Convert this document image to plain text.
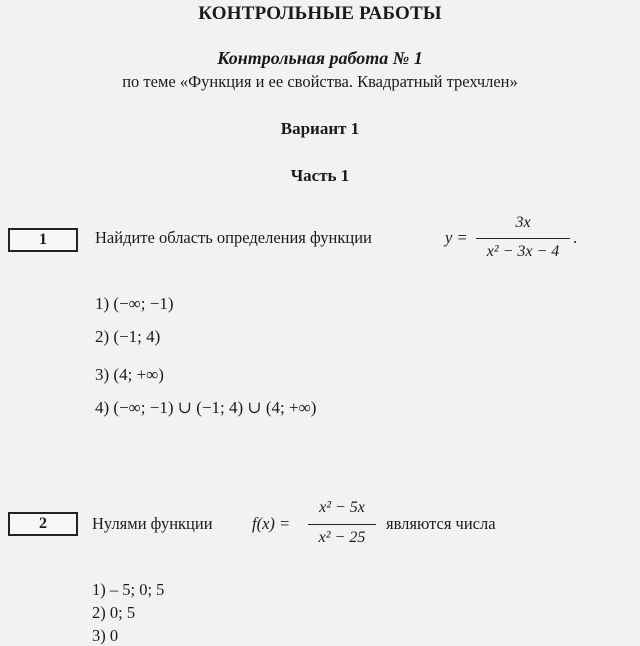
КОНТРОЛЬНЫЕ РАБОТЫ
Контрольная работа № 1
по теме «Функция и ее свойства. Квадратный трехчлен»
Вариант 1
Часть 1
1	Найдите область определения функции	y =
3x
x² − 3x − 4
.
1) (−∞; −1)
2) (−1; 4)
3) (4; +∞)
4) (−∞; −1) ∪ (−1; 4) ∪ (4; +∞)
2	Нулями функции f(x) =
x² − 5x
x² − 25
являются числа
1) – 5; 0; 5
2) 0; 5
3) 0
